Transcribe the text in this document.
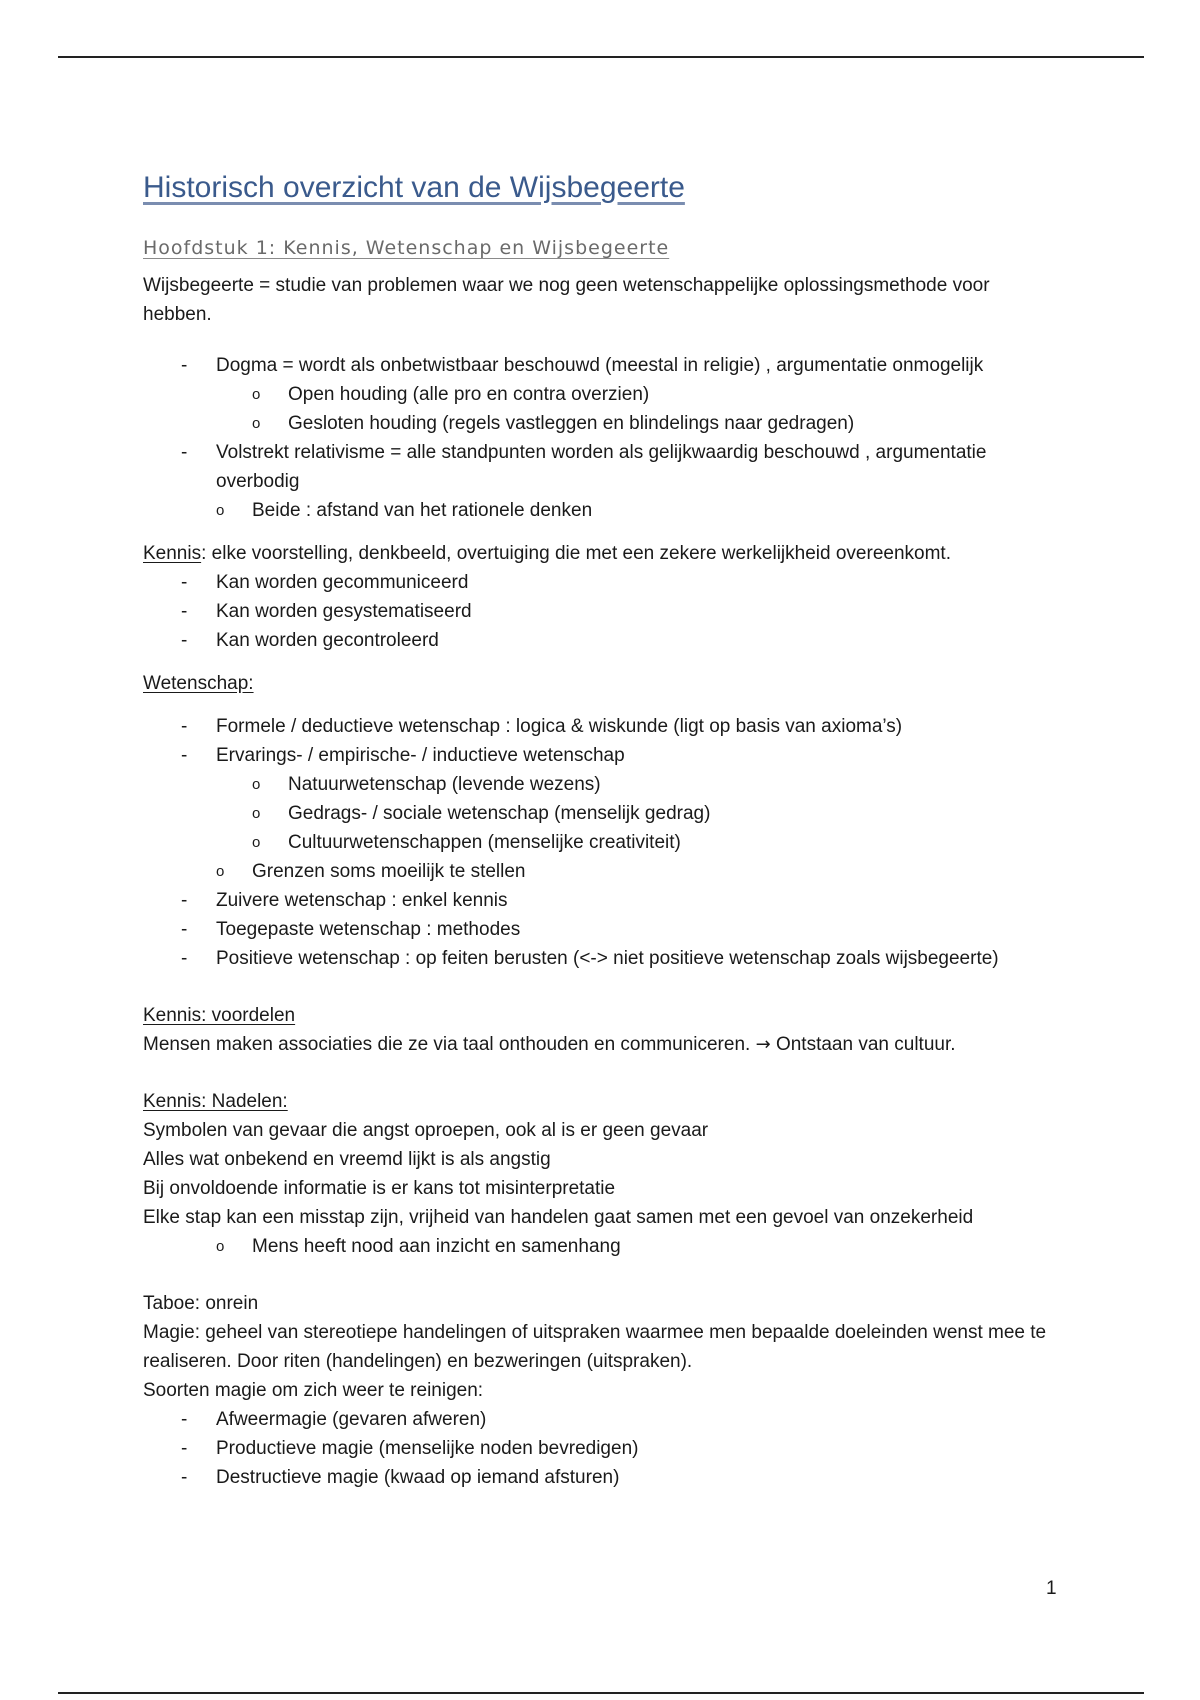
Historisch overzicht van de Wijsbegeerte
Hoofdstuk 1: Kennis, Wetenschap en Wijsbegeerte

Wijsbegeerte = studie van problemen waar we nog geen wetenschappelijke oplossingsmethode voor hebben.

- Dogma = wordt als onbetwistbaar beschouwd (meestal in religie) , argumentatie onmogelijk
o Open houding (alle pro en contra overzien)
o Gesloten houding (regels vastleggen en blindelings naar gedragen)
- Volstrekt relativisme = alle standpunten worden als gelijkwaardig beschouwd , argumentatie overbodig
o Beide : afstand van het rationele denken

Kennis: elke voorstelling, denkbeeld, overtuiging die met een zekere werkelijkheid overeenkomt.

- Kan worden gecommuniceerd
- Kan worden gesystematiseerd
- Kan worden gecontroleerd

Wetenschap:

- Formele / deductieve wetenschap : logica & wiskunde (ligt op basis van axioma’s)
- Ervarings- / empirische- / inductieve wetenschap
o Natuurwetenschap (levende wezens)
o Gedrags- / sociale wetenschap (menselijk gedrag)
o Cultuurwetenschappen (menselijke creativiteit)
o Grenzen soms moeilijk te stellen
- Zuivere wetenschap : enkel kennis
- Toegepaste wetenschap : methodes
- Positieve wetenschap : op feiten berusten (<-> niet positieve wetenschap zoals wijsbegeerte)

Kennis: voordelen

Mensen maken associaties die ze via taal onthouden en communiceren. → Ontstaan van cultuur.

Kennis: Nadelen:

Symbolen van gevaar die angst oproepen, ook al is er geen gevaar

Alles wat onbekend en vreemd lijkt is als angstig

Bij onvoldoende informatie is er kans tot misinterpretatie

Elke stap kan een misstap zijn, vrijheid van handelen gaat samen met een gevoel van onzekerheid

o Mens heeft nood aan inzicht en samenhang

Taboe: onrein

Magie: geheel van stereotiepe handelingen of uitspraken waarmee men bepaalde doeleinden wenst mee te realiseren. Door riten (handelingen) en bezweringen (uitspraken).

Soorten magie om zich weer te reinigen:

- Afweermagie (gevaren afweren)
- Productieve magie (menselijke noden bevredigen)
- Destructieve magie (kwaad op iemand afsturen)
1
